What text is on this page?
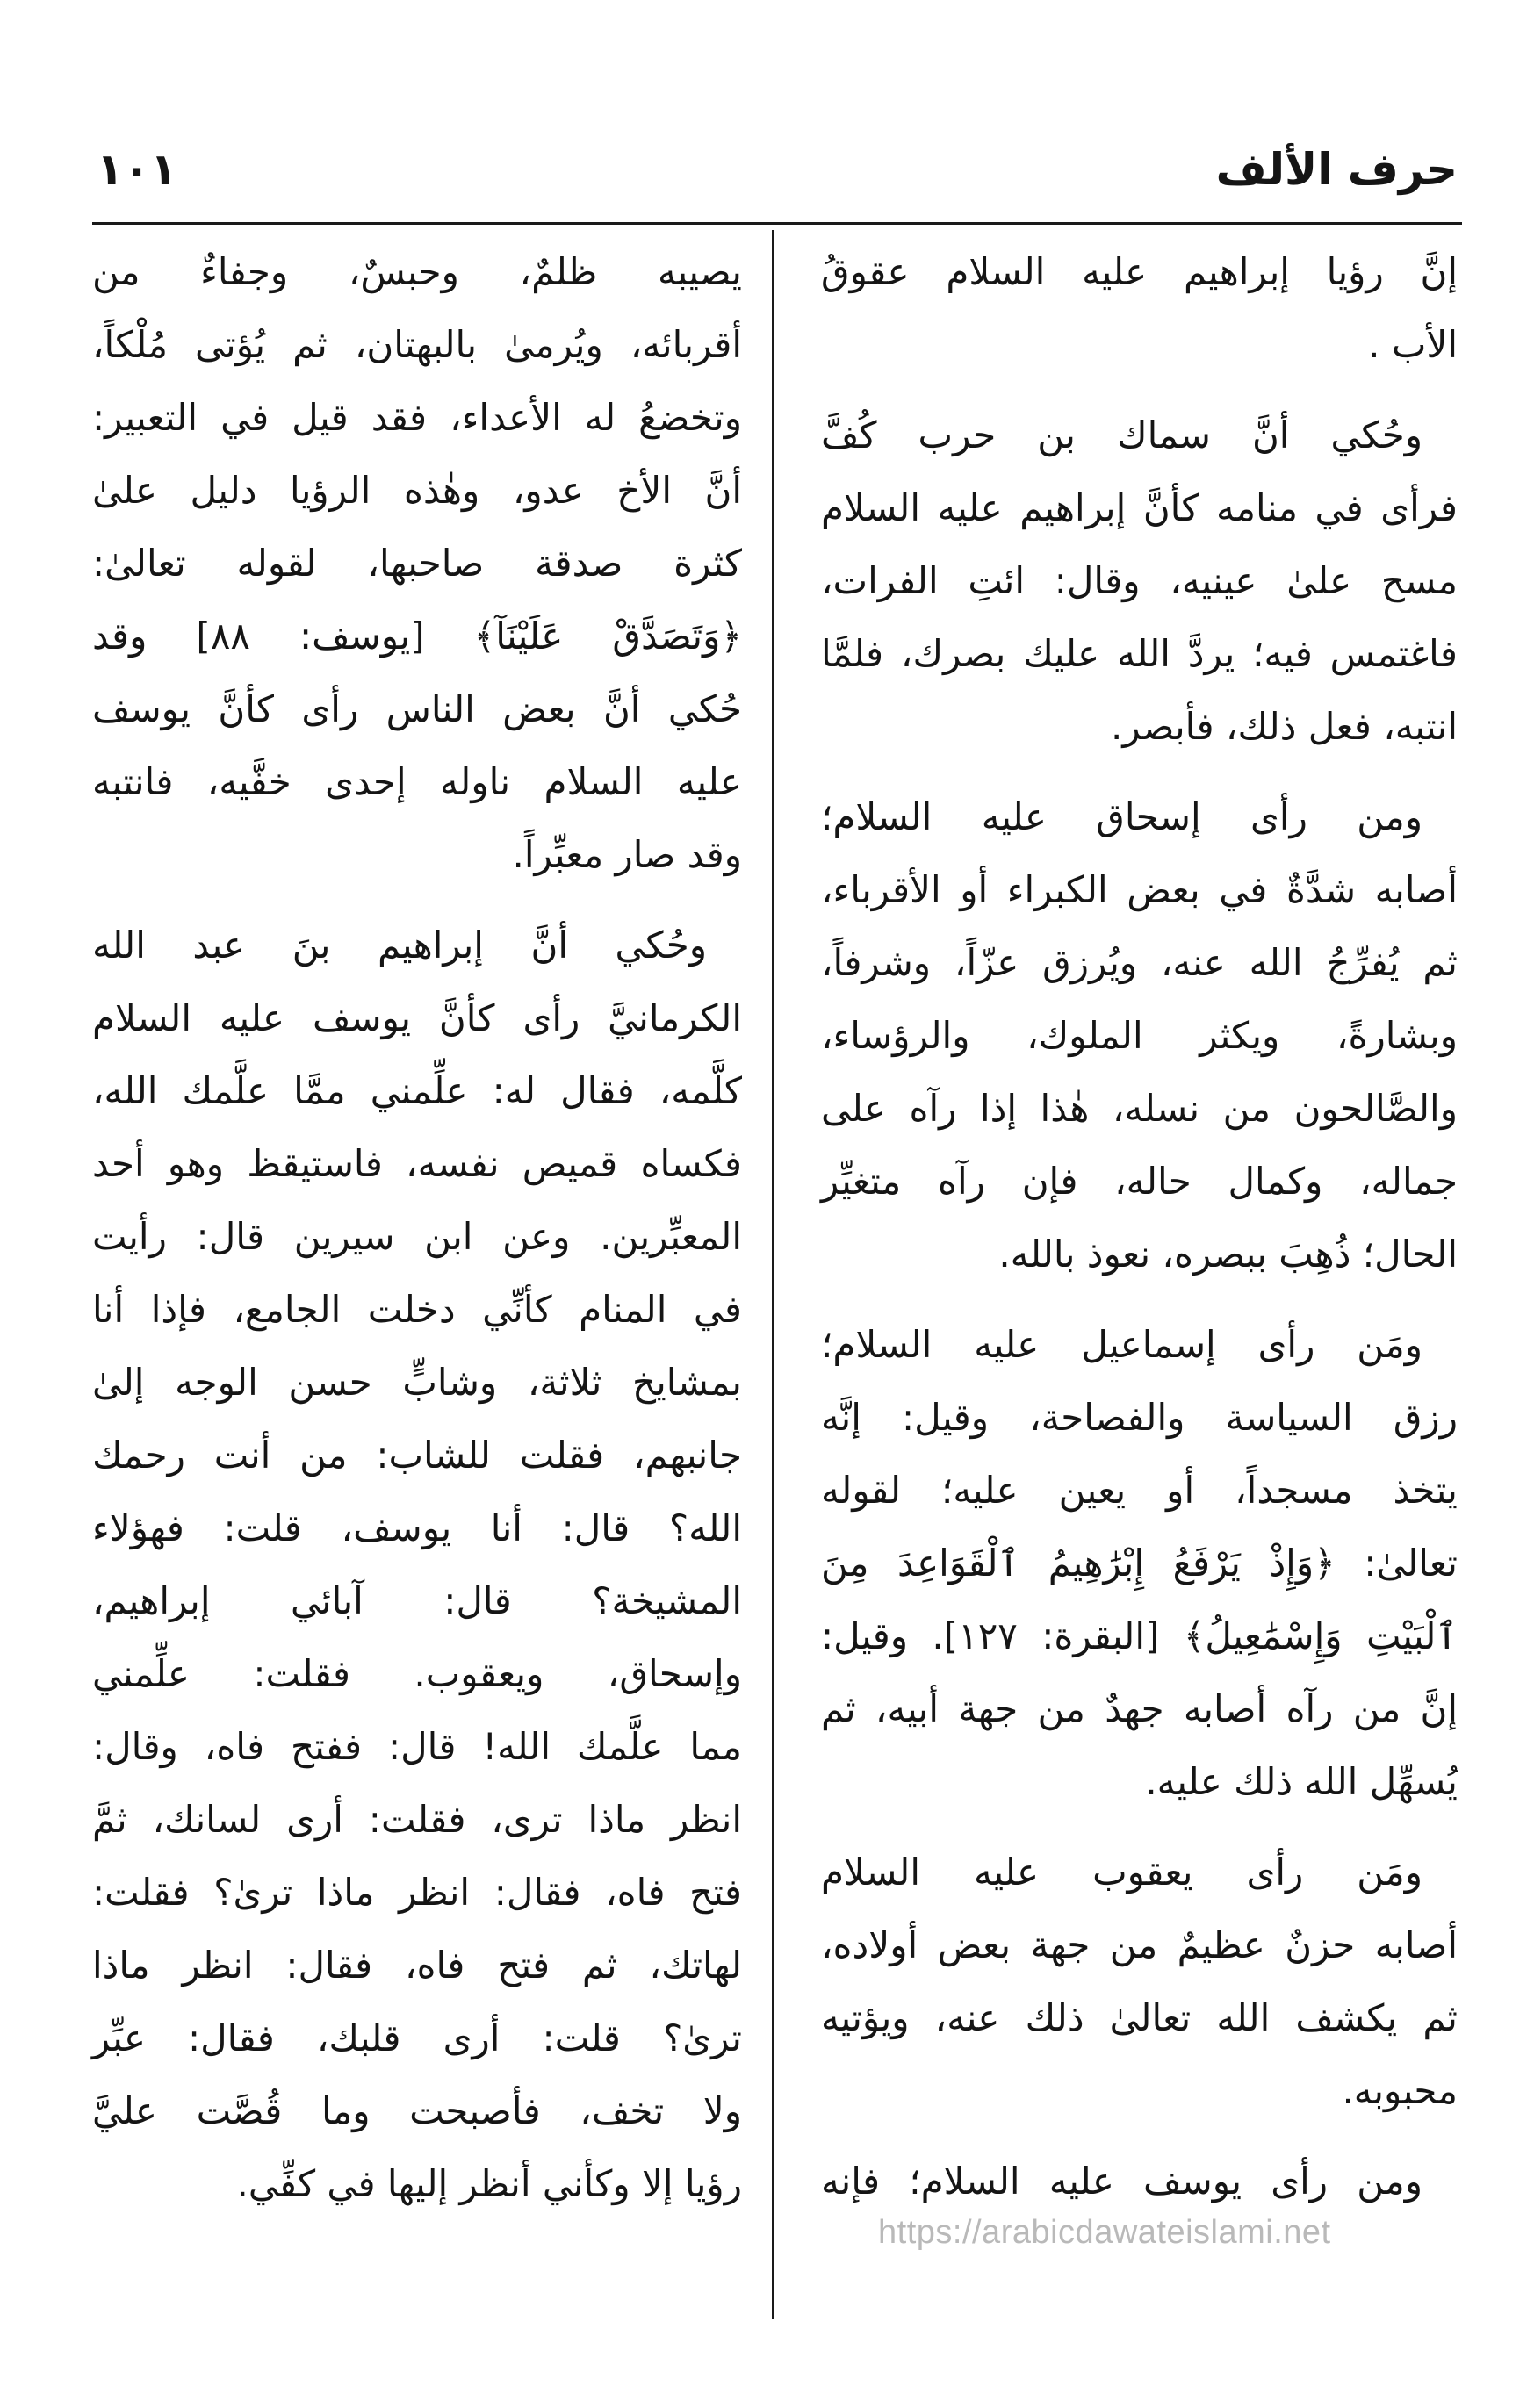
حرف الألف
١٠١
إنَّ رؤيا إبراهيم عليه السلام عقوقُ
الأب .
وحُكي أنَّ سماك بن حرب كُفَّ
فرأى في منامه كأنَّ إبراهيم عليه السلام
مسح علىٰ عينيه، وقال: ائتِ الفرات،
فاغتمس فيه؛ يردَّ الله عليك بصرك، فلمَّا
انتبه، فعل ذلك، فأبصر.
ومن رأى إسحاق عليه السلام؛
أصابه شدَّةٌ في بعض الكبراء أو الأقرباء،
ثم يُفرِّجُ الله عنه، ويُرزق عزّاً، وشرفاً،
وبشارةً، ويكثر الملوك، والرؤساء،
والصَّالحون من نسله، هٰذا إذا رآه على
جماله، وكمال حاله، فإن رآه متغيِّر
الحال؛ ذُهِبَ ببصره، نعوذ بالله.
ومَن رأى إسماعيل عليه السلام؛
رزق السياسة والفصاحة، وقيل: إنَّه
يتخذ مسجداً، أو يعين عليه؛ لقوله
تعالىٰ: ﴿وَإِذْ يَرْفَعُ إِبْرَٰهِيمُ ٱلْقَوَاعِدَ مِنَ
ٱلْبَيْتِ وَإِسْمَٰعِيلُ﴾ [البقرة: ١٢٧]. وقيل:
إنَّ من رآه أصابه جهدٌ من جهة أبيه، ثم
يُسهِّل الله ذلك عليه.
ومَن رأى يعقوب عليه السلام
أصابه حزنٌ عظيمٌ من جهة بعض أولاده،
ثم يكشف الله تعالىٰ ذلك عنه، ويؤتيه
محبوبه.
ومن رأى يوسف عليه السلام؛ فإنه
يصيبه ظلمٌ، وحبسٌ، وجفاءٌ من
أقربائه، ويُرمىٰ بالبهتان، ثم يُؤتى مُلْكاً،
وتخضعُ له الأعداء، فقد قيل في التعبير:
أنَّ الأخ عدو، وهٰذه الرؤيا دليل علىٰ
كثرة صدقة صاحبها، لقوله تعالىٰ:
﴿وَتَصَدَّقْ عَلَيْنَآ﴾ [يوسف: ٨٨] وقد
حُكي أنَّ بعض الناس رأى كأنَّ يوسف
عليه السلام ناوله إحدى خفَّيه، فانتبه
وقد صار معبِّراً.
وحُكي أنَّ إبراهيم بنَ عبد الله
الكرمانيَّ رأى كأنَّ يوسف عليه السلام
كلَّمه، فقال له: علِّمني ممَّا علَّمك الله،
فكساه قميص نفسه، فاستيقظ وهو أحد
المعبِّرين. وعن ابن سيرين قال: رأيت
في المنام كأنِّي دخلت الجامع، فإذا أنا
بمشايخ ثلاثة، وشابٍّ حسن الوجه إلىٰ
جانبهم، فقلت للشاب: من أنت رحمك
الله؟ قال: أنا يوسف، قلت: فهؤلاء
المشيخة؟ قال: آبائي إبراهيم،
وإسحاق، ويعقوب. فقلت: علِّمني
مما علَّمك الله! قال: ففتح فاه، وقال:
انظر ماذا ترى، فقلت: أرى لسانك، ثمَّ
فتح فاه، فقال: انظر ماذا ترىٰ؟ فقلت:
لهاتك، ثم فتح فاه، فقال: انظر ماذا
ترىٰ؟ قلت: أرى قلبك، فقال: عبِّر
ولا تخف، فأصبحت وما قُصَّت عليَّ
رؤيا إلا وكأني أنظر إليها في كفِّي.
https://arabicdawateislami.net
